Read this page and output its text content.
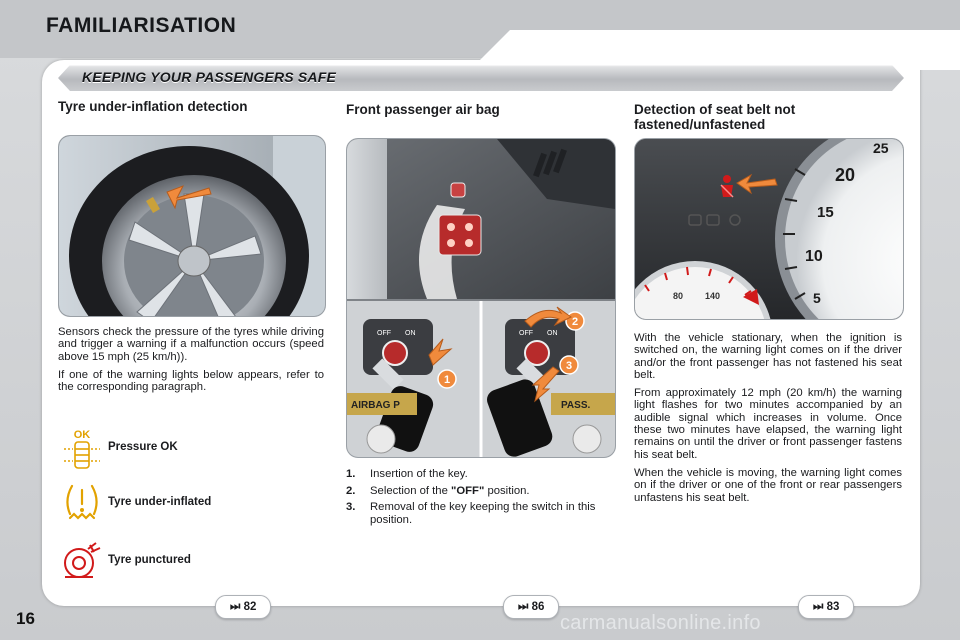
FAMILIARISATION
KEEPING YOUR PASSENGERS SAFE
Tyre under-inflation detection

Sensors check the pressure of the tyres while driving and trigger a warning if a malfunction occurs (speed above 15 mph (25 km/h)).

If one of the warning lights below appears, refer to the corresponding paragraph.

OK
Pressure OK
Tyre under-inflated
Tyre punctured
⏭ 82
Front passenger air bag
OFF ON
AIRBAG P
1
OFF ON
PASS.
2
3
1. Insertion of the key.
2. Selection of the "OFF" position.
3. Removal of the key keeping the switch in this position.
⏭ 86
Detection of seat belt not
fastened/unfastened
25
20
15
10
5
80 140

With the vehicle stationary, when the ignition is switched on, the warning light comes on if the driver and/or the front passenger has not fastened his seat belt.

From approximately 12 mph (20 km/h) the warning light flashes for two minutes accompanied by an audible signal which increases in volume. Once these two minutes have elapsed, the warning light remains on until the driver or front passenger fastens his seat belt.

When the vehicle is moving, the warning light comes on if the driver or one of the front or rear passengers unfastens his seat belt.

⏭ 83
16	carmanualsonline.info
